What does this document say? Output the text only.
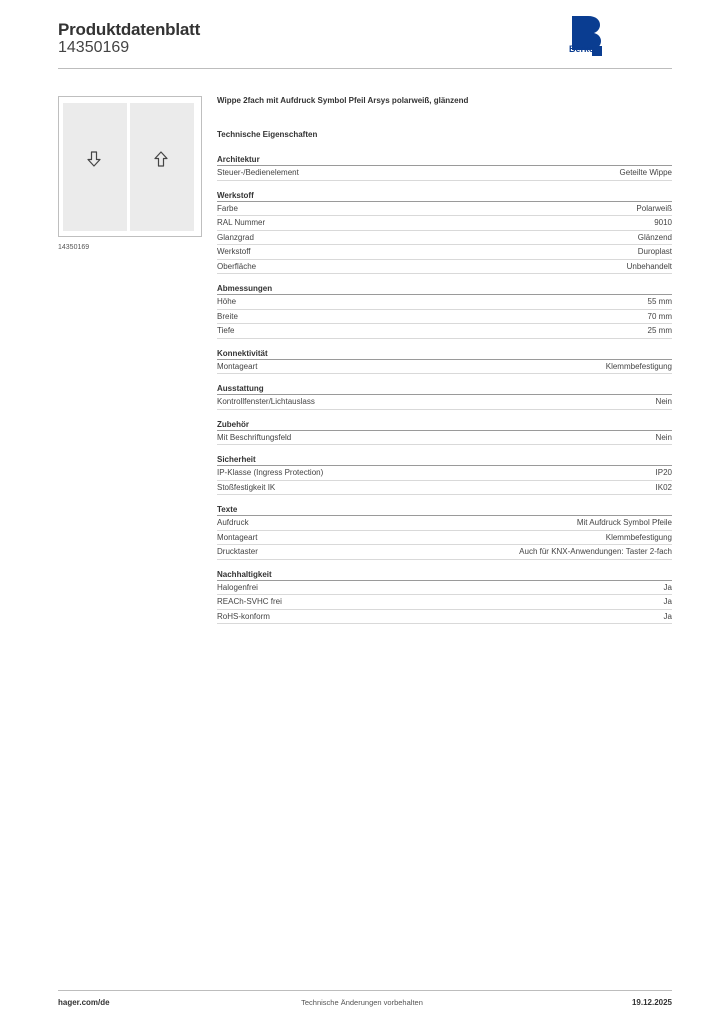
Produktdatenblatt
14350169	Berker
14350169
Wippe 2fach mit Aufdruck Symbol Pfeil Arsys polarweiß, glänzend
Technische Eigenschaften
Architektur
Steuer-/Bedienelement	Geteilte Wippe
Werkstoff
Farbe	Polarweiß
RAL Nummer	9010
Glanzgrad	Glänzend
Werkstoff	Duroplast
Oberfläche	Unbehandelt
Abmessungen
Höhe	55 mm
Breite	70 mm
Tiefe	25 mm
Konnektivität
Montageart	Klemmbefestigung
Ausstattung
Kontrollfenster/Lichtauslass	Nein
Zubehör
Mit Beschriftungsfeld	Nein
Sicherheit
IP-Klasse (Ingress Protection)	IP20
Stoßfestigkeit IK	IK02
Texte
Aufdruck	Mit Aufdruck Symbol Pfeile
Montageart	Klemmbefestigung
Drucktaster	Auch für KNX-Anwendungen: Taster 2-fach
Nachhaltigkeit
Halogenfrei	Ja
REACh-SVHC frei	Ja
RoHS-konform	Ja
hager.com/de	Technische Änderungen vorbehalten	19.12.2025
